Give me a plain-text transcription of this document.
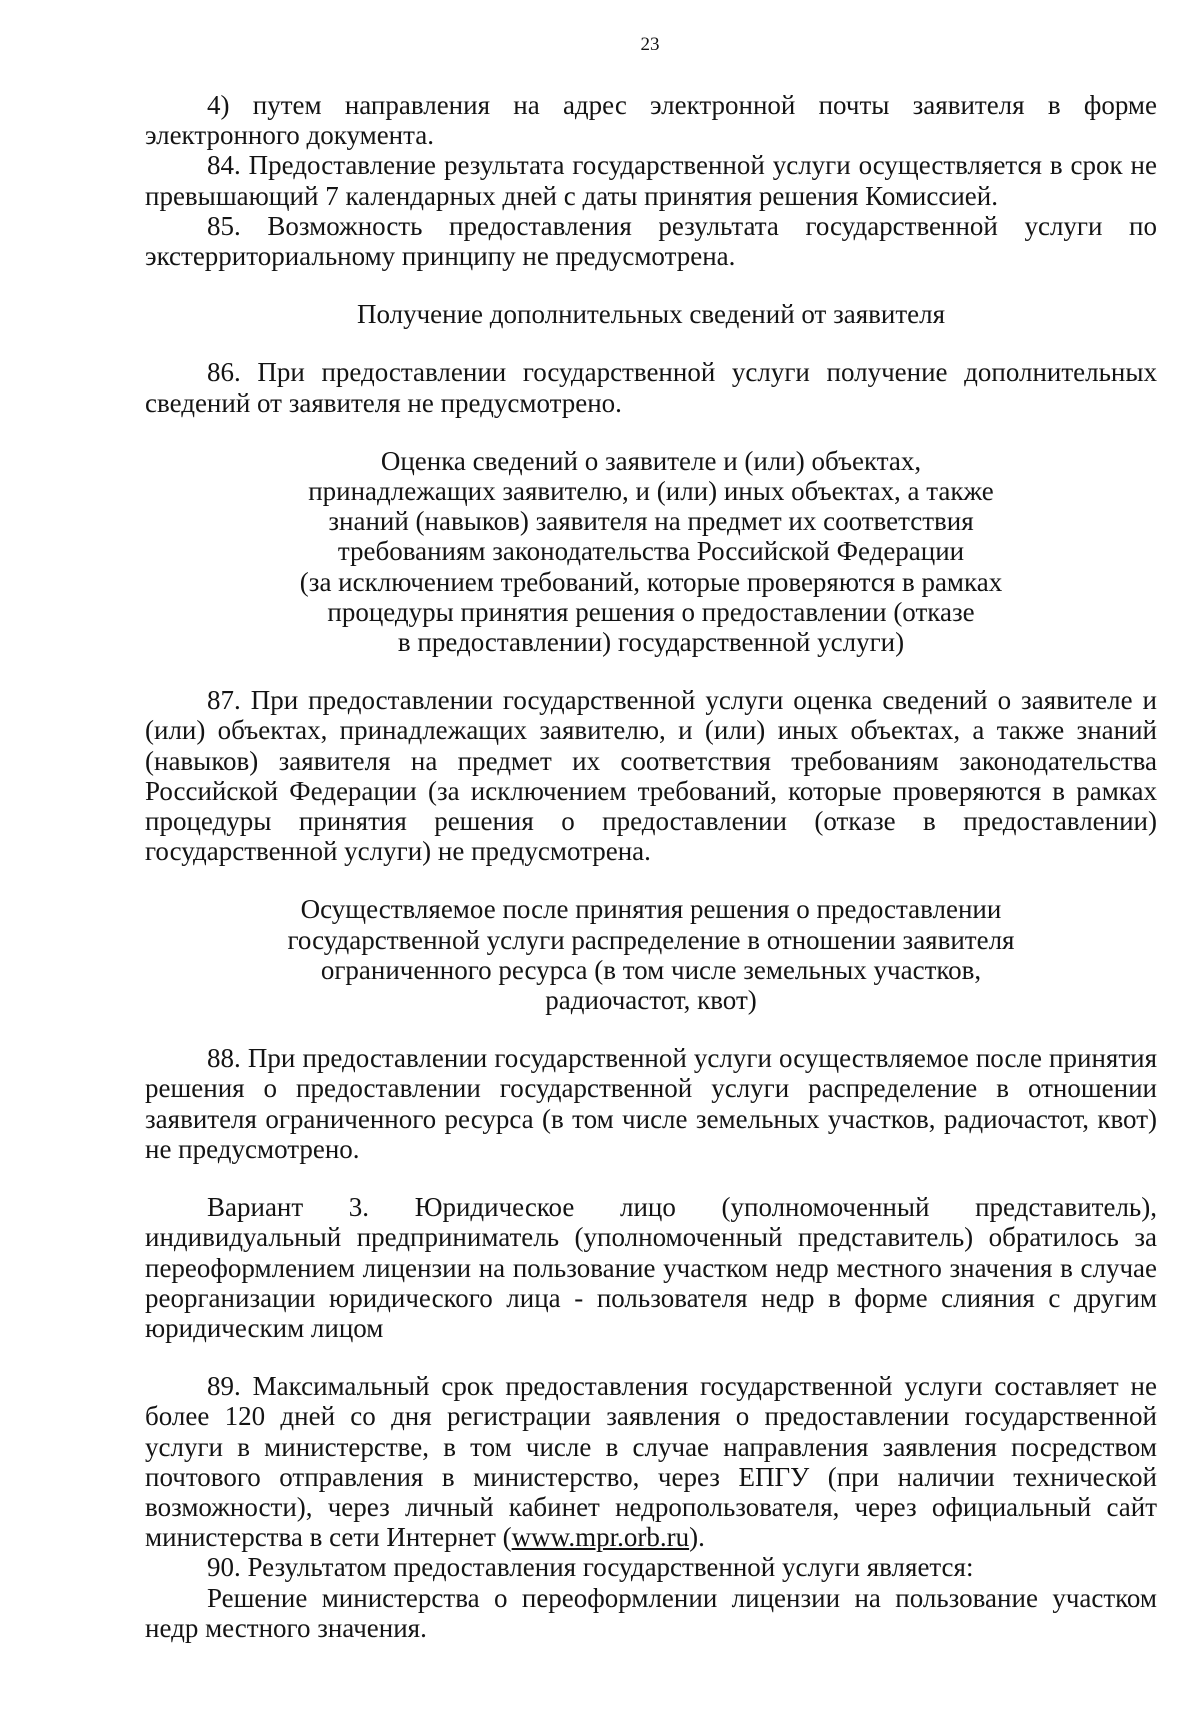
23

4) путем направления на адрес электронной почты заявителя в форме электронного документа.

84. Предоставление результата государственной услуги осуществляется в срок не превышающий 7 календарных дней с даты принятия решения Комиссией.

85. Возможность предоставления результата государственной услуги по экстерриториальному принципу не предусмотрена.

Получение дополнительных сведений от заявителя

86. При предоставлении государственной услуги получение дополнительных сведений от заявителя не предусмотрено.

Оценка сведений о заявителе и (или) объектах,
принадлежащих заявителю, и (или) иных объектах, а также
знаний (навыков) заявителя на предмет их соответствия
требованиям законодательства Российской Федерации
(за исключением требований, которые проверяются в рамках
процедуры принятия решения о предоставлении (отказе
в предоставлении) государственной услуги)

87. При предоставлении государственной услуги оценка сведений о заявителе и (или) объектах, принадлежащих заявителю, и (или) иных объектах, а также знаний (навыков) заявителя на предмет их соответствия требованиям законодательства Российской Федерации (за исключением требований, которые проверяются в рамках процедуры принятия решения о предоставлении (отказе в предоставлении) государственной услуги) не предусмотрена.

Осуществляемое после принятия решения о предоставлении
государственной услуги распределение в отношении заявителя
ограниченного ресурса (в том числе земельных участков,
радиочастот, квот)

88. При предоставлении государственной услуги осуществляемое после принятия решения о предоставлении государственной услуги распределение в отношении заявителя ограниченного ресурса (в том числе земельных участков, радиочастот, квот) не предусмотрено.

Вариант 3. Юридическое лицо (уполномоченный представитель), индивидуальный предприниматель (уполномоченный представитель) обратилось за переоформлением лицензии на пользование участком недр местного значения в случае реорганизации юридического лица - пользователя недр в форме слияния с другим юридическим лицом

89. Максимальный срок предоставления государственной услуги составляет не более 120 дней со дня регистрации заявления о предоставлении государственной услуги в министерстве, в том числе в случае направления заявления посредством почтового отправления в министерство, через ЕПГУ (при наличии технической возможности), через личный кабинет недропользователя, через официальный сайт министерства в сети Интернет (www.mpr.orb.ru).

90. Результатом предоставления государственной услуги является:

Решение министерства о переоформлении лицензии на пользование участком недр местного значения.
